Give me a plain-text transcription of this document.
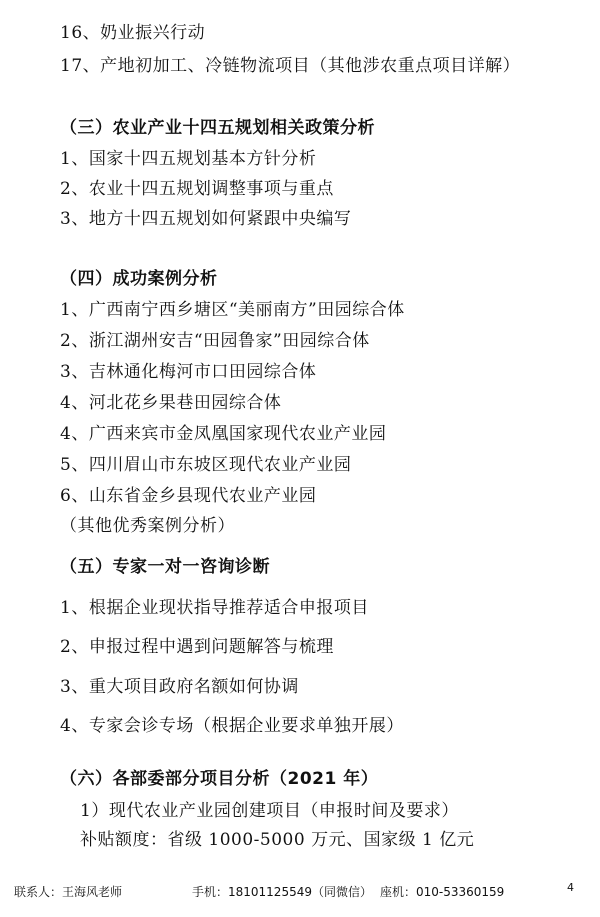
16、奶业振兴行动
17、产地初加工、冷链物流项目（其他涉农重点项目详解）
（三）农业产业十四五规划相关政策分析
1、国家十四五规划基本方针分析
2、农业十四五规划调整事项与重点
3、地方十四五规划如何紧跟中央编写
（四）成功案例分析
1、广西南宁西乡塘区“美丽南方”田园综合体
2、浙江湖州安吉“田园鲁家”田园综合体
3、吉林通化梅河市口田园综合体
4、河北花乡果巷田园综合体
4、广西来宾市金凤凰国家现代农业产业园
5、四川眉山市东坡区现代农业产业园
6、山东省金乡县现代农业产业园
（其他优秀案例分析）
（五）专家一对一咨询诊断
1、根据企业现状指导推荐适合申报项目
2、申报过程中遇到问题解答与梳理
3、重大项目政府名额如何协调
4、专家会诊专场（根据企业要求单独开展）
（六）各部委部分项目分析（2021 年）
1）现代农业产业园创建项目（申报时间及要求）
补贴额度：省级 1000-5000 万元、国家级 1 亿元
联系人：王海风老师	手机：18101125549（同微信） 座机：010-53360159	4
